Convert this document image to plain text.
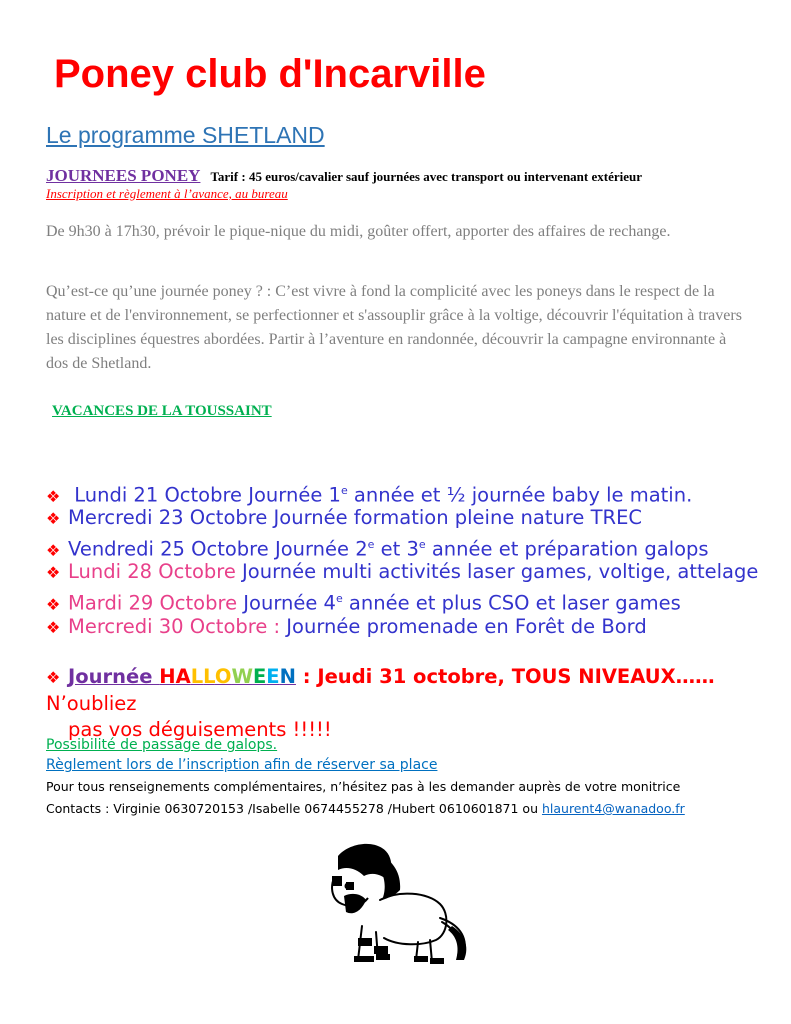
Poney club d'Incarville
Le programme SHETLAND
JOURNEES PONEY Tarif : 45 euros/cavalier sauf journées avec transport ou intervenant extérieur
Inscription et règlement à l’avance, au bureau
De 9h30 à 17h30, prévoir le pique-nique du midi, goûter offert, apporter des affaires de rechange.
Qu’est-ce qu’une journée poney ? : C’est vivre à fond la complicité avec les poneys dans le respect de la nature et de l'environnement, se perfectionner et s'assouplir grâce à la voltige, découvrir l'équitation à travers les disciplines équestres abordées. Partir à l’aventure en randonnée, découvrir la campagne environnante à dos de Shetland.
VACANCES DE LA TOUSSAINT
❖ Lundi 21 Octobre Journée 1e année et ½ journée baby le matin.
❖ Mercredi 23 Octobre Journée formation pleine nature TREC
❖ Vendredi 25 Octobre Journée 2e et 3e année et préparation galops
❖ Lundi 28 Octobre Journée multi activités laser games, voltige, attelage
❖ Mardi 29 Octobre Journée 4e année et plus CSO et laser games
❖ Mercredi 30 Octobre : Journée promenade en Forêt de Bord
❖ Journée HALLOWEEN : Jeudi 31 octobre, TOUS NIVEAUX……N’oubliez
pas vos déguisements !!!!!
Possibilité de passage de galops.
Règlement lors de l’inscription afin de réserver sa place
Pour tous renseignements complémentaires, n’hésitez pas à les demander auprès de votre monitrice
Contacts : Virginie 0630720153 /Isabelle 0674455278 /Hubert 0610601871 ou hlaurent4@wanadoo.fr
